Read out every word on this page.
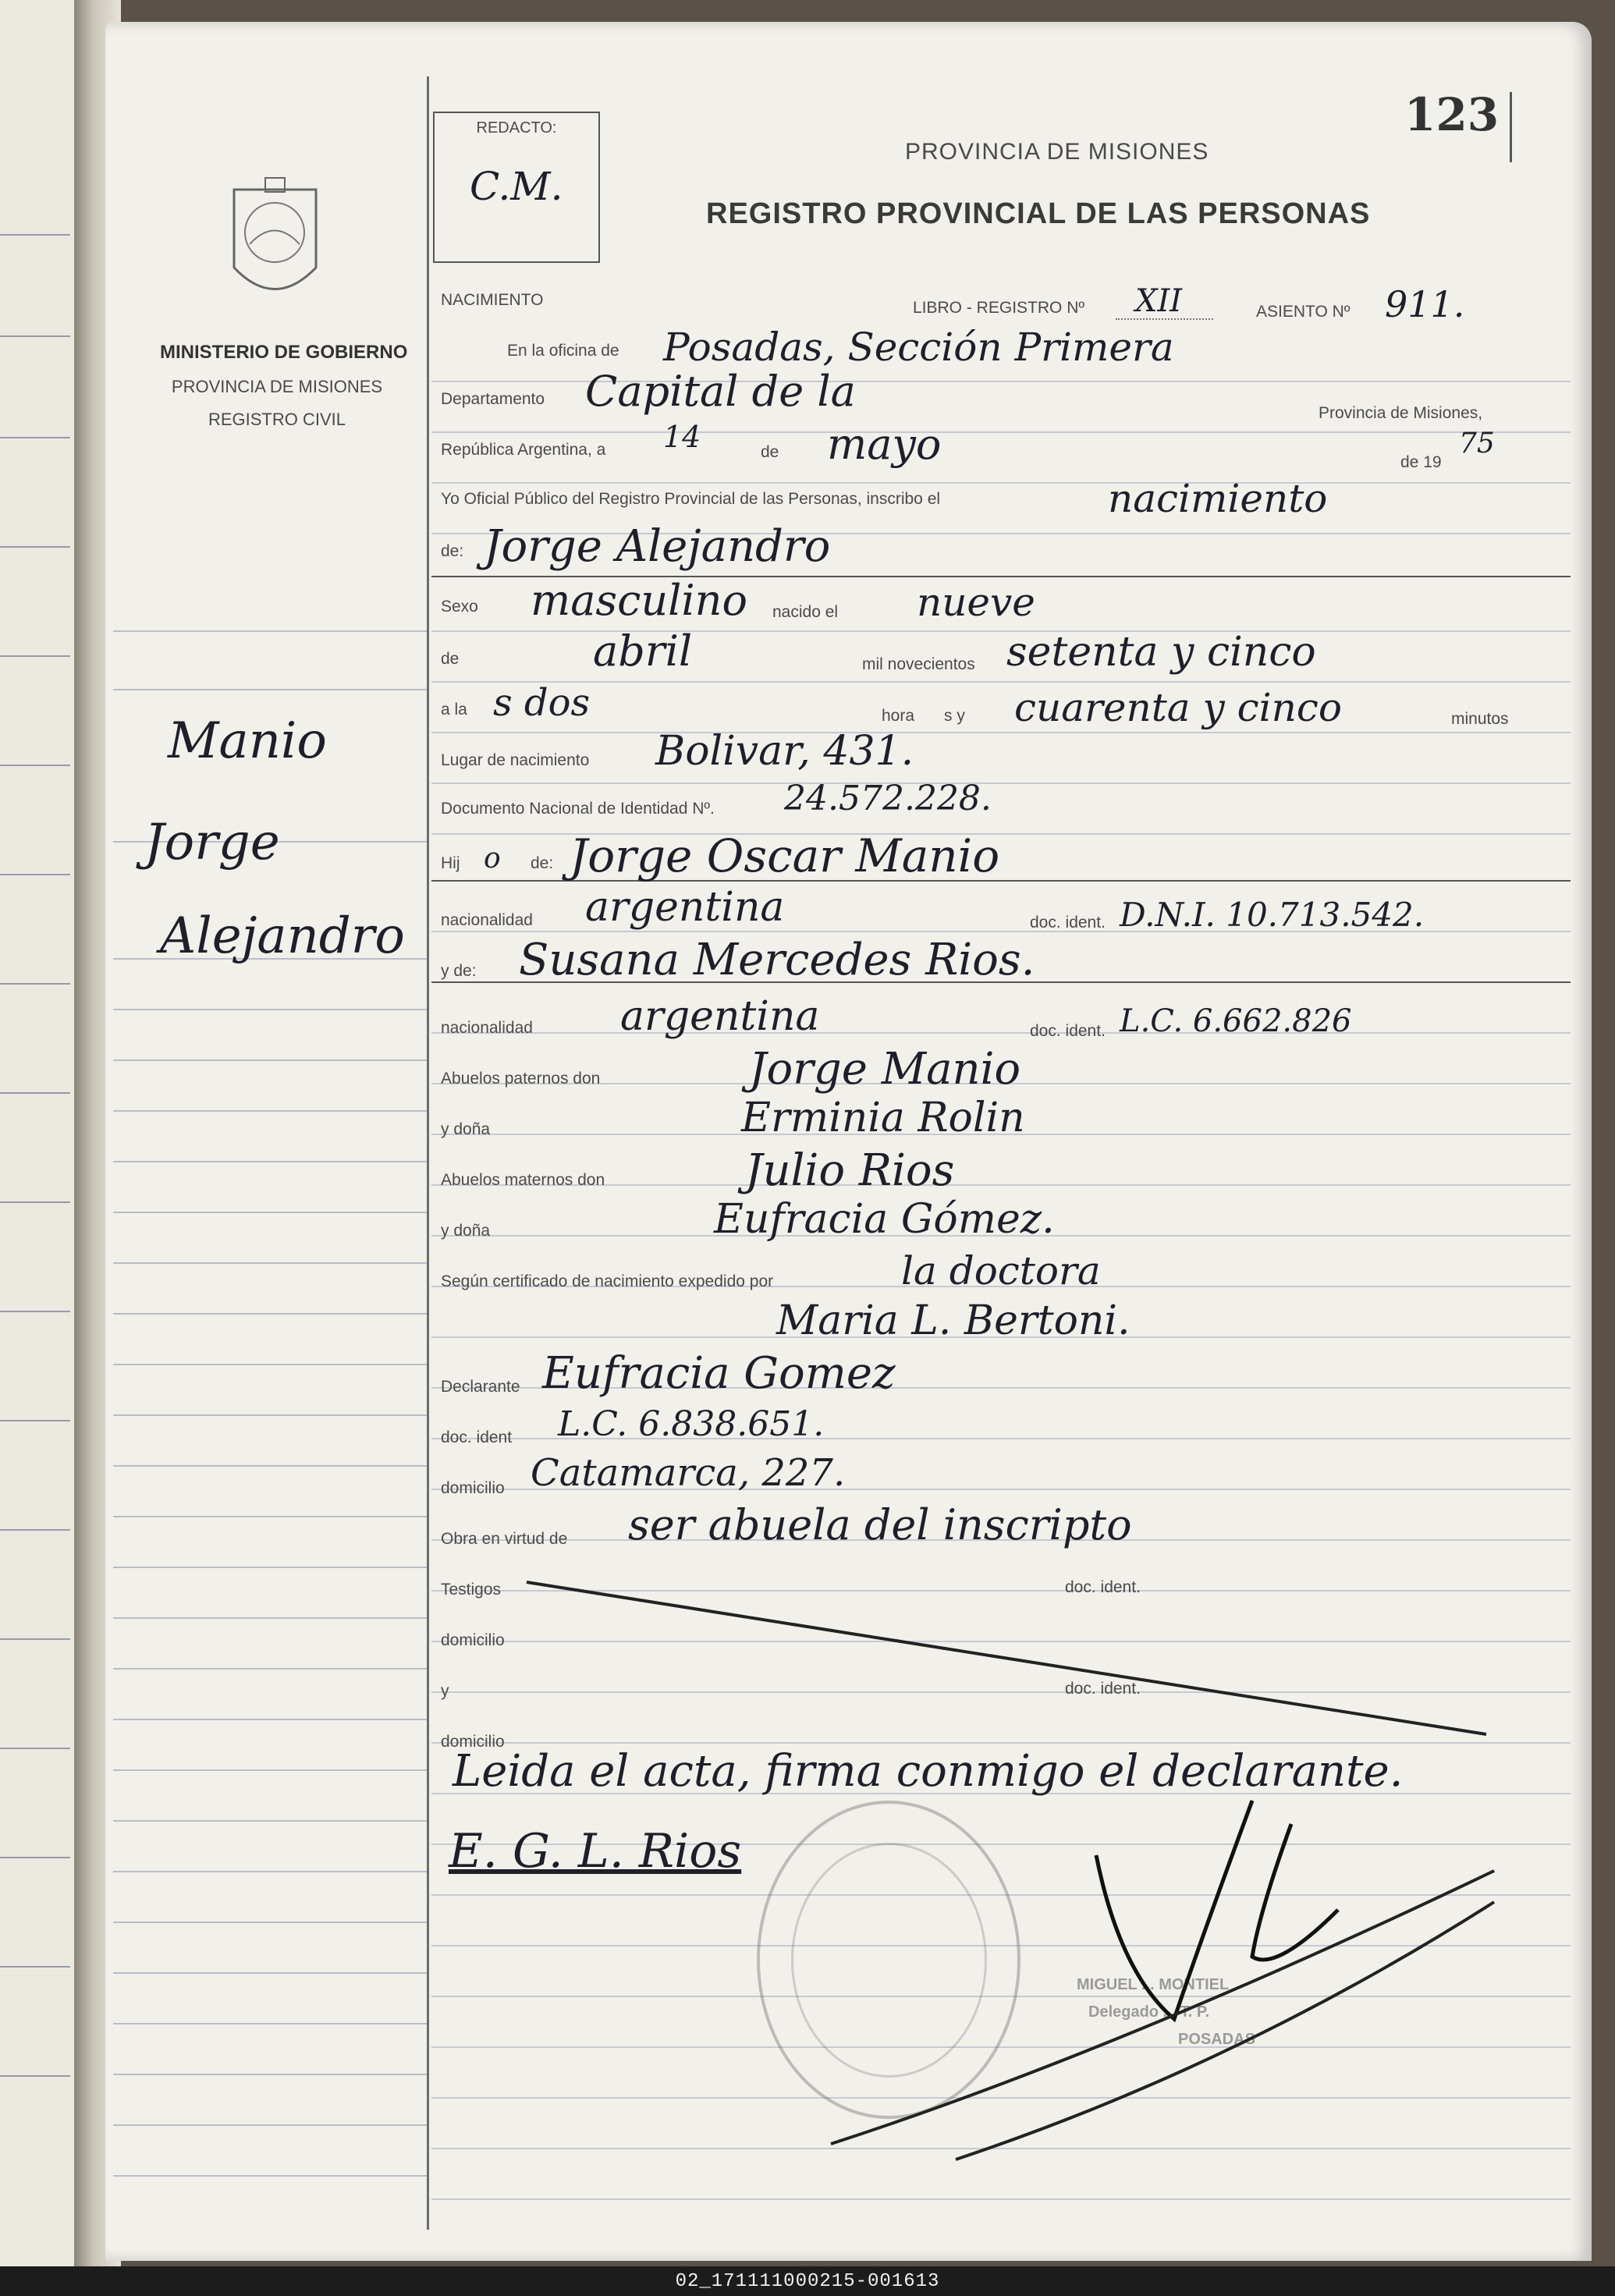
MINISTERIO DE GOBIERNO
PROVINCIA DE MISIONES
REGISTRO CIVIL
Manio
Jorge
Alejandro
123
REDACTO:
C.M.
PROVINCIA DE MISIONES
REGISTRO PROVINCIAL DE LAS PERSONAS
NACIMIENTO	LIBRO - REGISTRO Nº XII	ASIENTO Nº 911.
En la oficina de Posadas, Sección Primera
Departamento Capital de la	Provincia de Misiones,
República Argentina, a 14	de mayo	de 19
75
Yo Oficial Público del Registro Provincial de las Personas, inscribo el	nacimiento
de: Jorge Alejandro
Sexo masculino nacido el nueve
de	abril	mil novecientos setenta y cinco
a la s dos	hora s y cuarenta y cinco	minutos
Lugar de nacimiento Bolivar, 431.
Documento Nacional de Identidad Nº. 24.572.228.
Hij o de: Jorge Oscar Manio
nacionalidad argentina	doc. ident. D.N.I. 10.713.542.
y de: Susana Mercedes Rios.
nacionalidad argentina	doc. ident. L.C. 6.662.826
Abuelos paternos don	Jorge Manio
y doña	Erminia Rolin
Abuelos maternos don	Julio Rios
y doña	Eufracia Gómez.
Según certificado de nacimiento expedido por	la doctora
Maria L. Bertoni.
Declarante Eufracia Gomez
doc. ident L.C. 6.838.651.
domicilio Catamarca, 227.
Obra en virtud de ser abuela del inscripto
Testigos	doc. ident.
domicilio
y	doc. ident.
domicilio
Leida el acta, firma conmigo el declarante.
MIGUEL ... MONTIEL
Delegado ... T. P.
POSADAS
E. G. L. Rios
02_171111000215-001613
